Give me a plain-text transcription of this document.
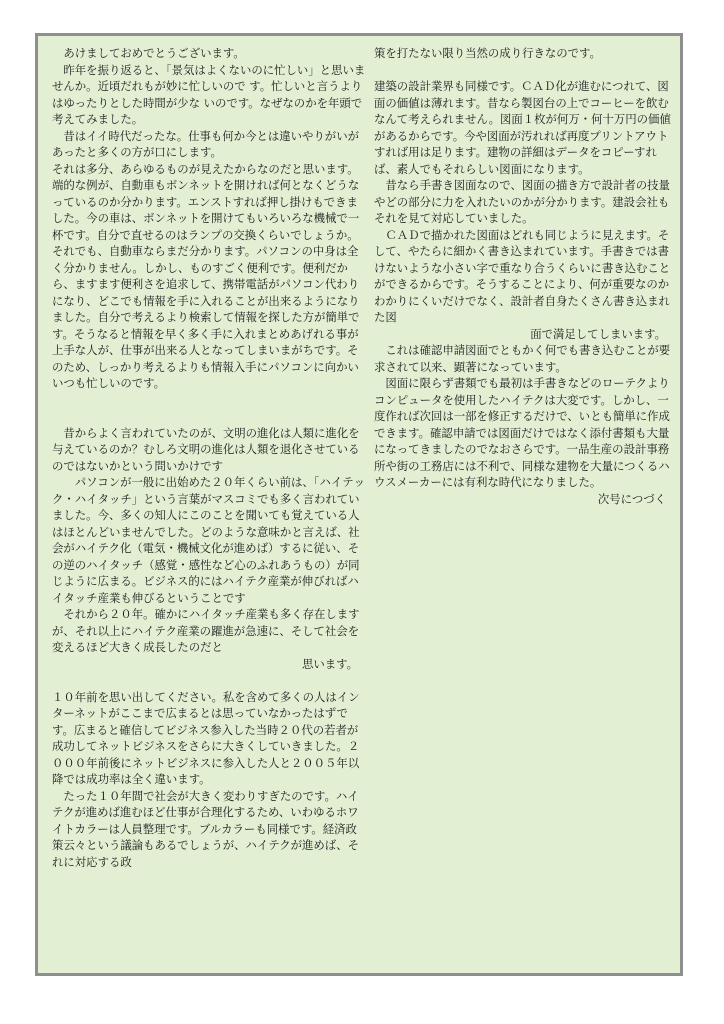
　あけましておめでとうございます。
　昨年を振り返ると、「景気はよくないのに忙しい」と思いませんか。近頃だれもが妙に忙しいので す。忙しいと言うよりはゆったりとした時間が少な いのです。なぜなのかを年頭で考えてみました。

　昔はイイ時代だったな。仕事も何か今とは違いやりがいがあったと多くの方が口にします。
それは多分、あらゆるものが見えたからなのだと思います。端的な例が、自動車もボンネットを開ければ何となくどうなっているのか分かります。エンストすれば押し掛けもできました。今の車は、ボンネットを開けてもいろいろな機械で一杯です。自分で直せるのはランプの交換くらいでしょうか。それでも、自動車ならまだ分かります。パソコンの中身は全く分かりません。しかし、ものすごく便利です。便利だから、ますます便利さを追求して、携帯電話がパソコン代わりになり、どこでも情報を手に入れることが出来るようになりました。自分で考えるより検索して情報を探した方が簡単です。そうなると情報を早く多く手に入れまとめあげれる事が上手な人が、仕事が出来る人となってしまいまがちです。そのため、しっかり考えるよりも情報入手にパソコンに向かいいつも忙しいのです。

　昔からよく言われていたのが、文明の進化は人類に進化を与えているのか？むしろ文明の進化は人類を退化させているのではないかという問いかけです
　　パソコンが一般に出始めた２０年くらい前は、「ハイテック・ハイタッチ」という言葉がマスコミでも多く言われていました。今、多くの知人にこのことを聞いても覚えている人はほとんどいませんでした。どのような意味かと言えば、社会がハイテク化（電気・機械文化が進めば）するに従い、その逆のハイタッチ（感覚・感性など心のふれあうもの）が同じように広まる。ビジネス的にはハイテク産業が伸びればハイタッチ産業も伸びるということです
　それから２０年。確かにハイタッチ産業も多く存在しますが、それ以上にハイテク産業の躍進が急速に、そして社会を変えるほど大きく成長したのだと

思います。

１０年前を思い出してください。私を含めて多くの人はインターネットがここまで広まるとは思っていなかったはずです。広まると確信してビジネス参入した当時２０代の若者が成功してネットビジネスをさらに大きくしていきました。２０００年前後にネットビジネスに参入した人と２００５年以降では成功率は全く違います。
　たった１０年間で社会が大きく変わりすぎたのです。ハイテクが進めば進むほど仕事が合理化するため、いわゆるホワイトカラーは人員整理です。ブルカラーも同様です。経済政策云々という議論もあるでしょうが、ハイテクが進めば、それに対応する政

策を打たない限り当然の成り行きなのです。

建築の設計業界も同様です。ＣＡＤ化が進むにつれて、図面の価値は薄れます。昔なら製図台の上でコーヒーを飲むなんて考えられません。図面１枚が何万・何十万円の価値があるからです。今や図面が汚れれば再度プリントアウトすれば用は足ります。建物の詳細はデータをコピーすれば、素人でもそれらしい図面になります。
　昔なら手書き図面なので、図面の描き方で設計者の技量やどの部分に力を入れたいのかが分かります。建設会社もそれを見て対応していました。
　ＣＡＤで描かれた図面はどれも同じように見えます。そして、やたらに細かく書き込まれています。手書きでは書けないような小さい字で重なり合うくらいに書き込むことができるからです。そうすることにより、何が重要なのかわかりにくいだけでなく、設計者自身たくさん書き込まれた図

面で満足してしまいます。

　これは確認申請図面でともかく何でも書き込むことが要求されて以来、顕著になっています。
　図面に限らず書類でも最初は手書きなどのローテクよりコンピュータを使用したハイテクは大変です。しかし、一度作れば次回は一部を修正するだけで、いとも簡単に作成できます。確認申請では図面だけではなく添付書類も大量になってきましたのでなおさらです。一品生産の設計事務所や街の工務店には不利で、同様な建物を大量につくるハウスメーカーには有利な時代になりました。

次号につづく
